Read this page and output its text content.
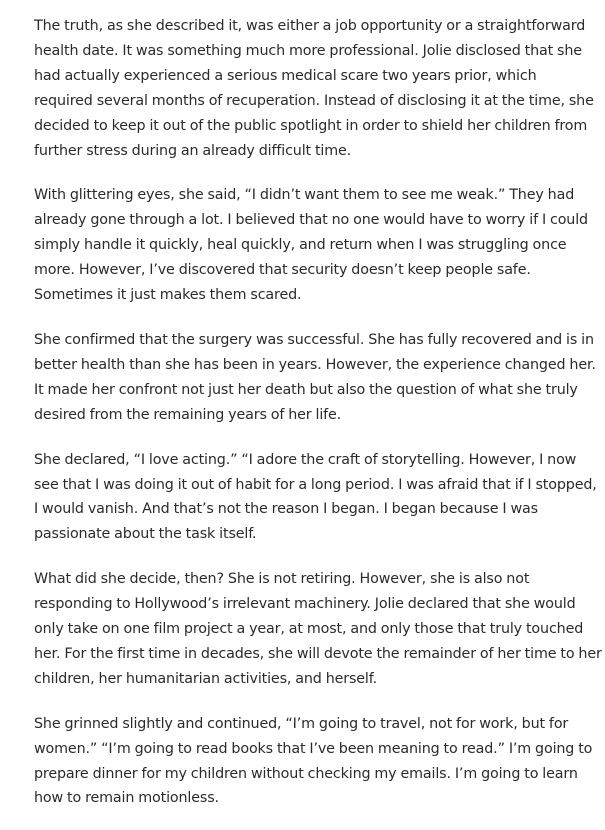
The truth, as she described it, was either a job opportunity or a straightforward
health date. It was something much more professional. Jolie disclosed that she
had actually experienced a serious medical scare two years prior, which
required several months of recuperation. Instead of disclosing it at the time, she
decided to keep it out of the public spotlight in order to shield her children from
further stress during an already difficult time.

With glittering eyes, she said, “I didn’t want them to see me weak.” They had
already gone through a lot. I believed that no one would have to worry if I could
simply handle it quickly, heal quickly, and return when I was struggling once
more. However, I’ve discovered that security doesn’t keep people safe.
Sometimes it just makes them scared.

She confirmed that the surgery was successful. She has fully recovered and is in
better health than she has been in years. However, the experience changed her.
It made her confront not just her death but also the question of what she truly
desired from the remaining years of her life.

She declared, “I love acting.” “I adore the craft of storytelling. However, I now
see that I was doing it out of habit for a long period. I was afraid that if I stopped,
I would vanish. And that’s not the reason I began. I began because I was
passionate about the task itself.

What did she decide, then? She is not retiring. However, she is also not
responding to Hollywood’s irrelevant machinery. Jolie declared that she would
only take on one film project a year, at most, and only those that truly touched
her. For the first time in decades, she will devote the remainder of her time to her
children, her humanitarian activities, and herself.

She grinned slightly and continued, “I’m going to travel, not for work, but for
women.” “I’m going to read books that I’ve been meaning to read.” I’m going to
prepare dinner for my children without checking my emails. I’m going to learn
how to remain motionless.
